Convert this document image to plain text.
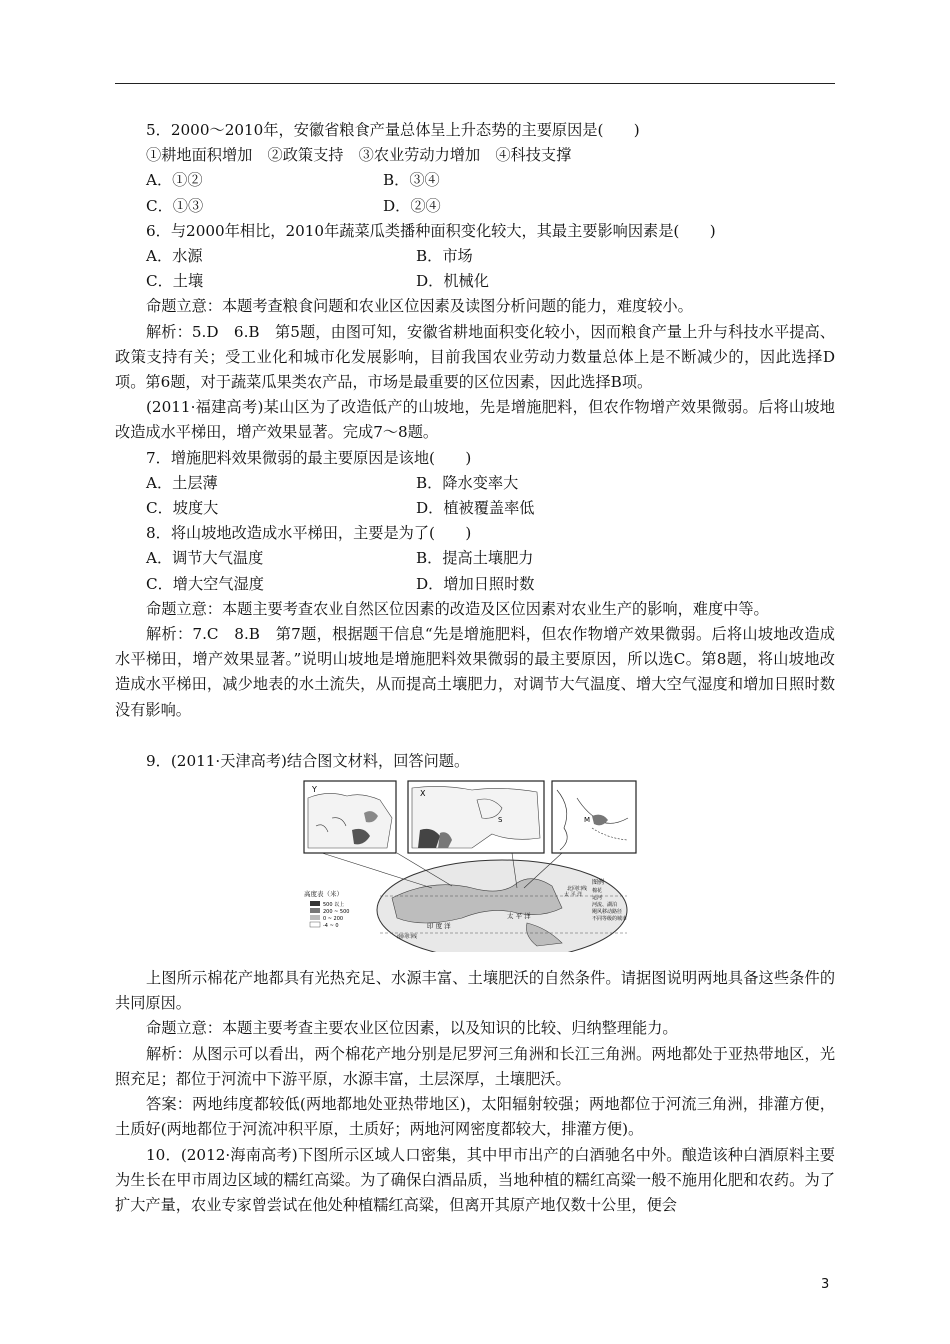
5．2000～2010年，安徽省粮食产量总体呈上升态势的主要原因是(　　)

①耕地面积增加　②政策支持　③农业劳动力增加　④科技支撑

A．①②	B．③④
C．①③	D．②④

6．与2000年相比，2010年蔬菜瓜类播种面积变化较大，其最主要影响因素是(　　)

A．水源	B．市场
C．土壤	D．机械化

命题立意：本题考查粮食问题和农业区位因素及读图分析问题的能力，难度较小。

解析：5.D　6.B　第5题，由图可知，安徽省耕地面积变化较小，因而粮食产量上升与科技水平提高、政策支持有关；受工业化和城市化发展影响，目前我国农业劳动力数量总体上是不断减少的，因此选择D项。第6题，对于蔬菜瓜果类农产品，市场是最重要的区位因素，因此选择B项。

(2011·福建高考)某山区为了改造低产的山坡地，先是增施肥料，但农作物增产效果微弱。后将山坡地改造成水平梯田，增产效果显著。完成7～8题。

7．增施肥料效果微弱的最主要原因是该地(　　)

A．土层薄	B．降水变率大
C．坡度大	D．植被覆盖率低

8．将山坡地改造成水平梯田，主要是为了(　　)

A．调节大气温度	B．提高土壤肥力
C．增大空气湿度	D．增加日照时数

命题立意：本题主要考查农业自然区位因素的改造及区位因素对农业生产的影响，难度中等。

解析：7.C　8.B　第7题，根据题干信息“先是增施肥料，但农作物增产效果微弱。后将山坡地改造成水平梯田，增产效果显著。”说明山坡地是增施肥料效果微弱的最主要原因，所以选C。第8题，将山坡地改造成水平梯田，减少地表的水土流失，从而提高土壤肥力，对调节大气温度、增大空气湿度和增加日照时数没有影响。

9．(2011·天津高考)结合图文材料，回答问题。

Y	X
S	M
印 度 洋
太 平 洋
太 平 洋
北回归线
南回归线
高度表（米）
500 以上
200 ~ 500
0 ~ 200
-4 ~ 0
图例
棉花
运河
河流、湖泊
飓风移动路径
不同等级的城市

上图所示棉花产地都具有光热充足、水源丰富、土壤肥沃的自然条件。请据图说明两地具备这些条件的共同原因。

命题立意：本题主要考查主要农业区位因素，以及知识的比较、归纳整理能力。

解析：从图示可以看出，两个棉花产地分别是尼罗河三角洲和长江三角洲。两地都处于亚热带地区，光照充足；都位于河流中下游平原，水源丰富，土层深厚，土壤肥沃。

答案：两地纬度都较低(两地都地处亚热带地区)，太阳辐射较强；两地都位于河流三角洲，排灌方便，土质好(两地都位于河流冲积平原，土质好；两地河网密度都较大，排灌方便)。

10．(2012·海南高考)下图所示区域人口密集，其中甲市出产的白酒驰名中外。酿造该种白酒原料主要为生长在甲市周边区域的糯红高粱。为了确保白酒品质，当地种植的糯红高粱一般不施用化肥和农药。为了扩大产量，农业专家曾尝试在他处种植糯红高粱，但离开其原产地仅数十公里，便会

3
